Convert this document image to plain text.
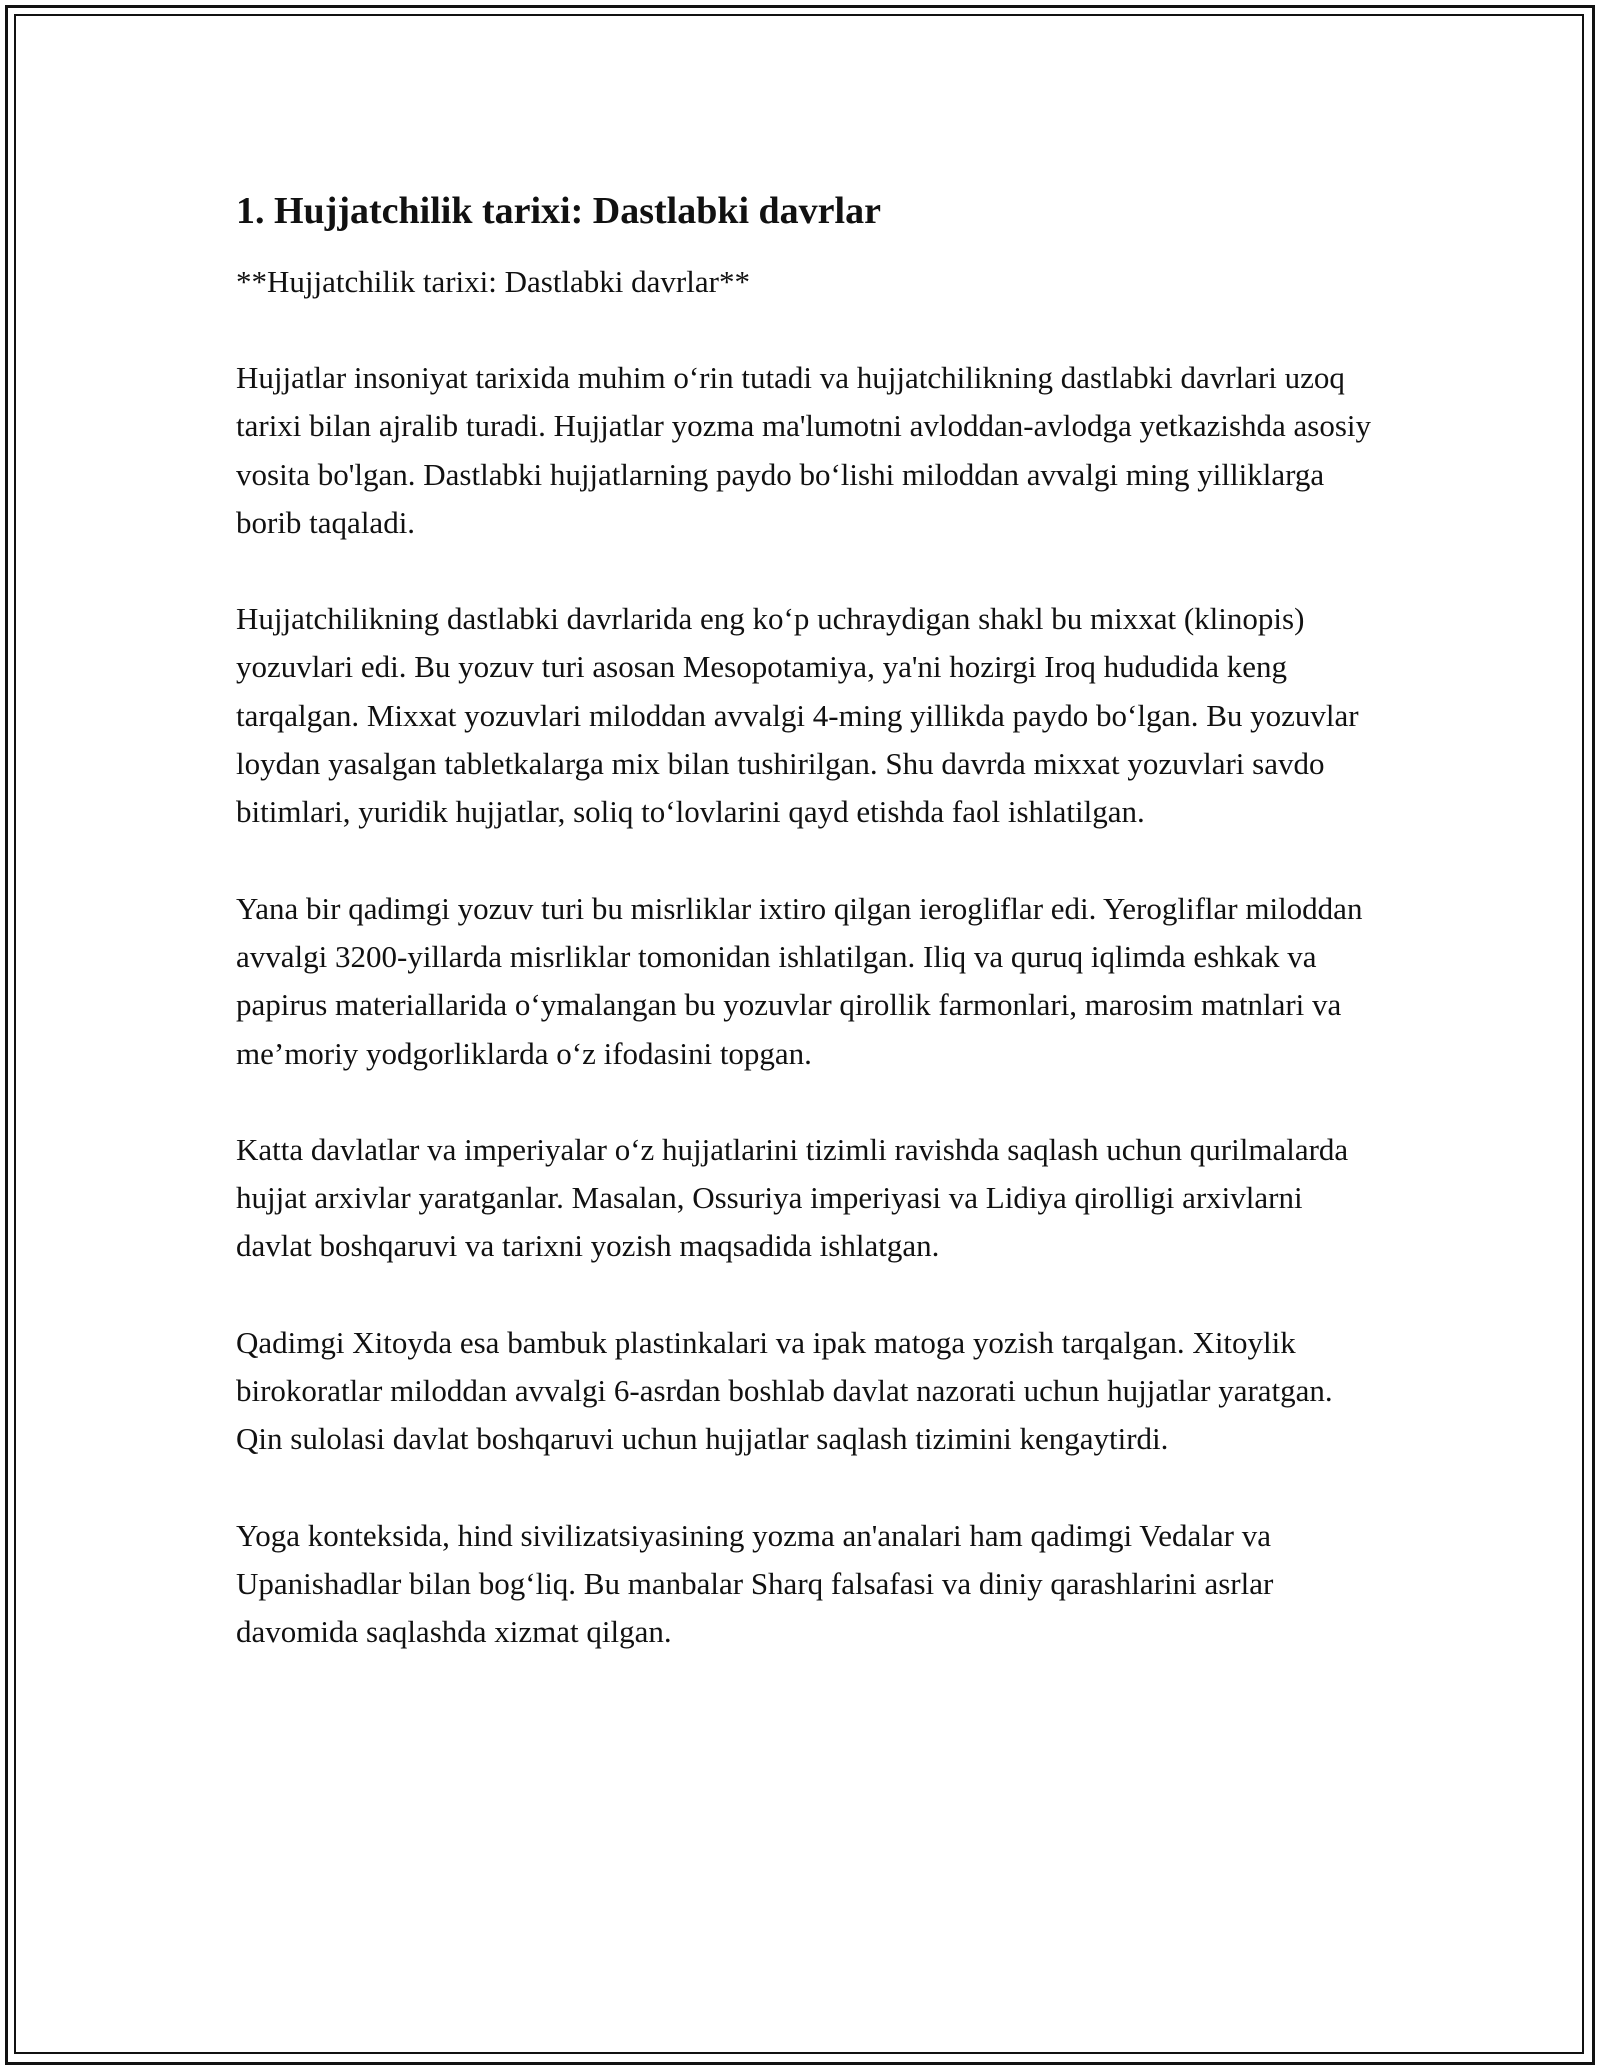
1. Hujjatchilik tarixi: Dastlabki davrlar

**Hujjatchilik tarixi: Dastlabki davrlar**

Hujjatlar insoniyat tarixida muhim o‘rin tutadi va hujjatchilikning dastlabki davrlari uzoq tarixi bilan ajralib turadi. Hujjatlar yozma ma'lumotni avloddan-avlodga yetkazishda asosiy vosita bo'lgan. Dastlabki hujjatlarning paydo bo‘lishi miloddan avvalgi ming yilliklarga borib taqaladi.

Hujjatchilikning dastlabki davrlarida eng ko‘p uchraydigan shakl bu mixxat (klinopis) yozuvlari edi. Bu yozuv turi asosan Mesopotamiya, ya'ni hozirgi Iroq hududida keng tarqalgan. Mixxat yozuvlari miloddan avvalgi 4-ming yillikda paydo bo‘lgan. Bu yozuvlar loydan yasalgan tabletkalarga mix bilan tushirilgan. Shu davrda mixxat yozuvlari savdo bitimlari, yuridik hujjatlar, soliq to‘lovlarini qayd etishda faol ishlatilgan.

Yana bir qadimgi yozuv turi bu misrliklar ixtiro qilgan ierogliflar edi. Yerogliflar miloddan avvalgi 3200-yillarda misrliklar tomonidan ishlatilgan. Iliq va quruq iqlimda eshkak va papirus materiallarida o‘ymalangan bu yozuvlar qirollik farmonlari, marosim matnlari va me’moriy yodgorliklarda o‘z ifodasini topgan.

Katta davlatlar va imperiyalar o‘z hujjatlarini tizimli ravishda saqlash uchun qurilmalarda hujjat arxivlar yaratganlar. Masalan, Ossuriya imperiyasi va Lidiya qirolligi arxivlarni davlat boshqaruvi va tarixni yozish maqsadida ishlatgan.

Qadimgi Xitoyda esa bambuk plastinkalari va ipak matoga yozish tarqalgan. Xitoylik birokoratlar miloddan avvalgi 6-asrdan boshlab davlat nazorati uchun hujjatlar yaratgan. Qin sulolasi davlat boshqaruvi uchun hujjatlar saqlash tizimini kengaytirdi.

Yoga konteksida, hind sivilizatsiyasining yozma an'analari ham qadimgi Vedalar va Upanishadlar bilan bog‘liq. Bu manbalar Sharq falsafasi va diniy qarashlarini asrlar davomida saqlashda xizmat qilgan.
